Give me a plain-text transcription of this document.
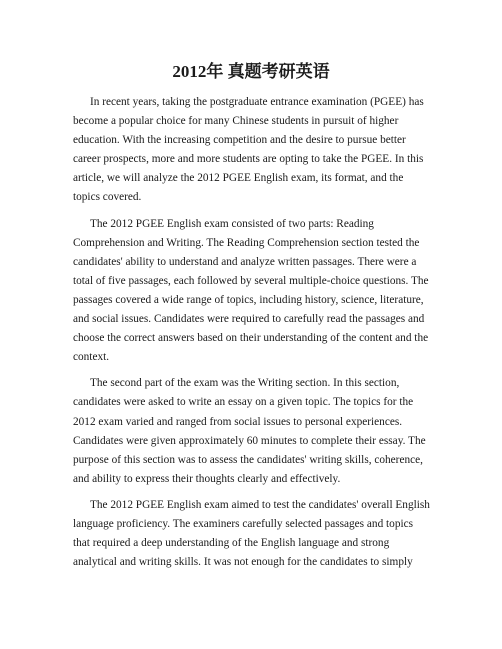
2012年 真题考研英语

In recent years, taking the postgraduate entrance examination (PGEE) has become a popular choice for many Chinese students in pursuit of higher education. With the increasing competition and the desire to pursue better career prospects, more and more students are opting to take the PGEE. In this article, we will analyze the 2012 PGEE English exam, its format, and the topics covered.

The 2012 PGEE English exam consisted of two parts: Reading Comprehension and Writing. The Reading Comprehension section tested the candidates' ability to understand and analyze written passages. There were a total of five passages, each followed by several multiple-choice questions. The passages covered a wide range of topics, including history, science, literature, and social issues. Candidates were required to carefully read the passages and choose the correct answers based on their understanding of the content and the context.

The second part of the exam was the Writing section. In this section, candidates were asked to write an essay on a given topic. The topics for the 2012 exam varied and ranged from social issues to personal experiences. Candidates were given approximately 60 minutes to complete their essay. The purpose of this section was to assess the candidates' writing skills, coherence, and ability to express their thoughts clearly and effectively.

The 2012 PGEE English exam aimed to test the candidates' overall English language proficiency. The examiners carefully selected passages and topics that required a deep understanding of the English language and strong analytical and writing skills. It was not enough for the candidates to simply
